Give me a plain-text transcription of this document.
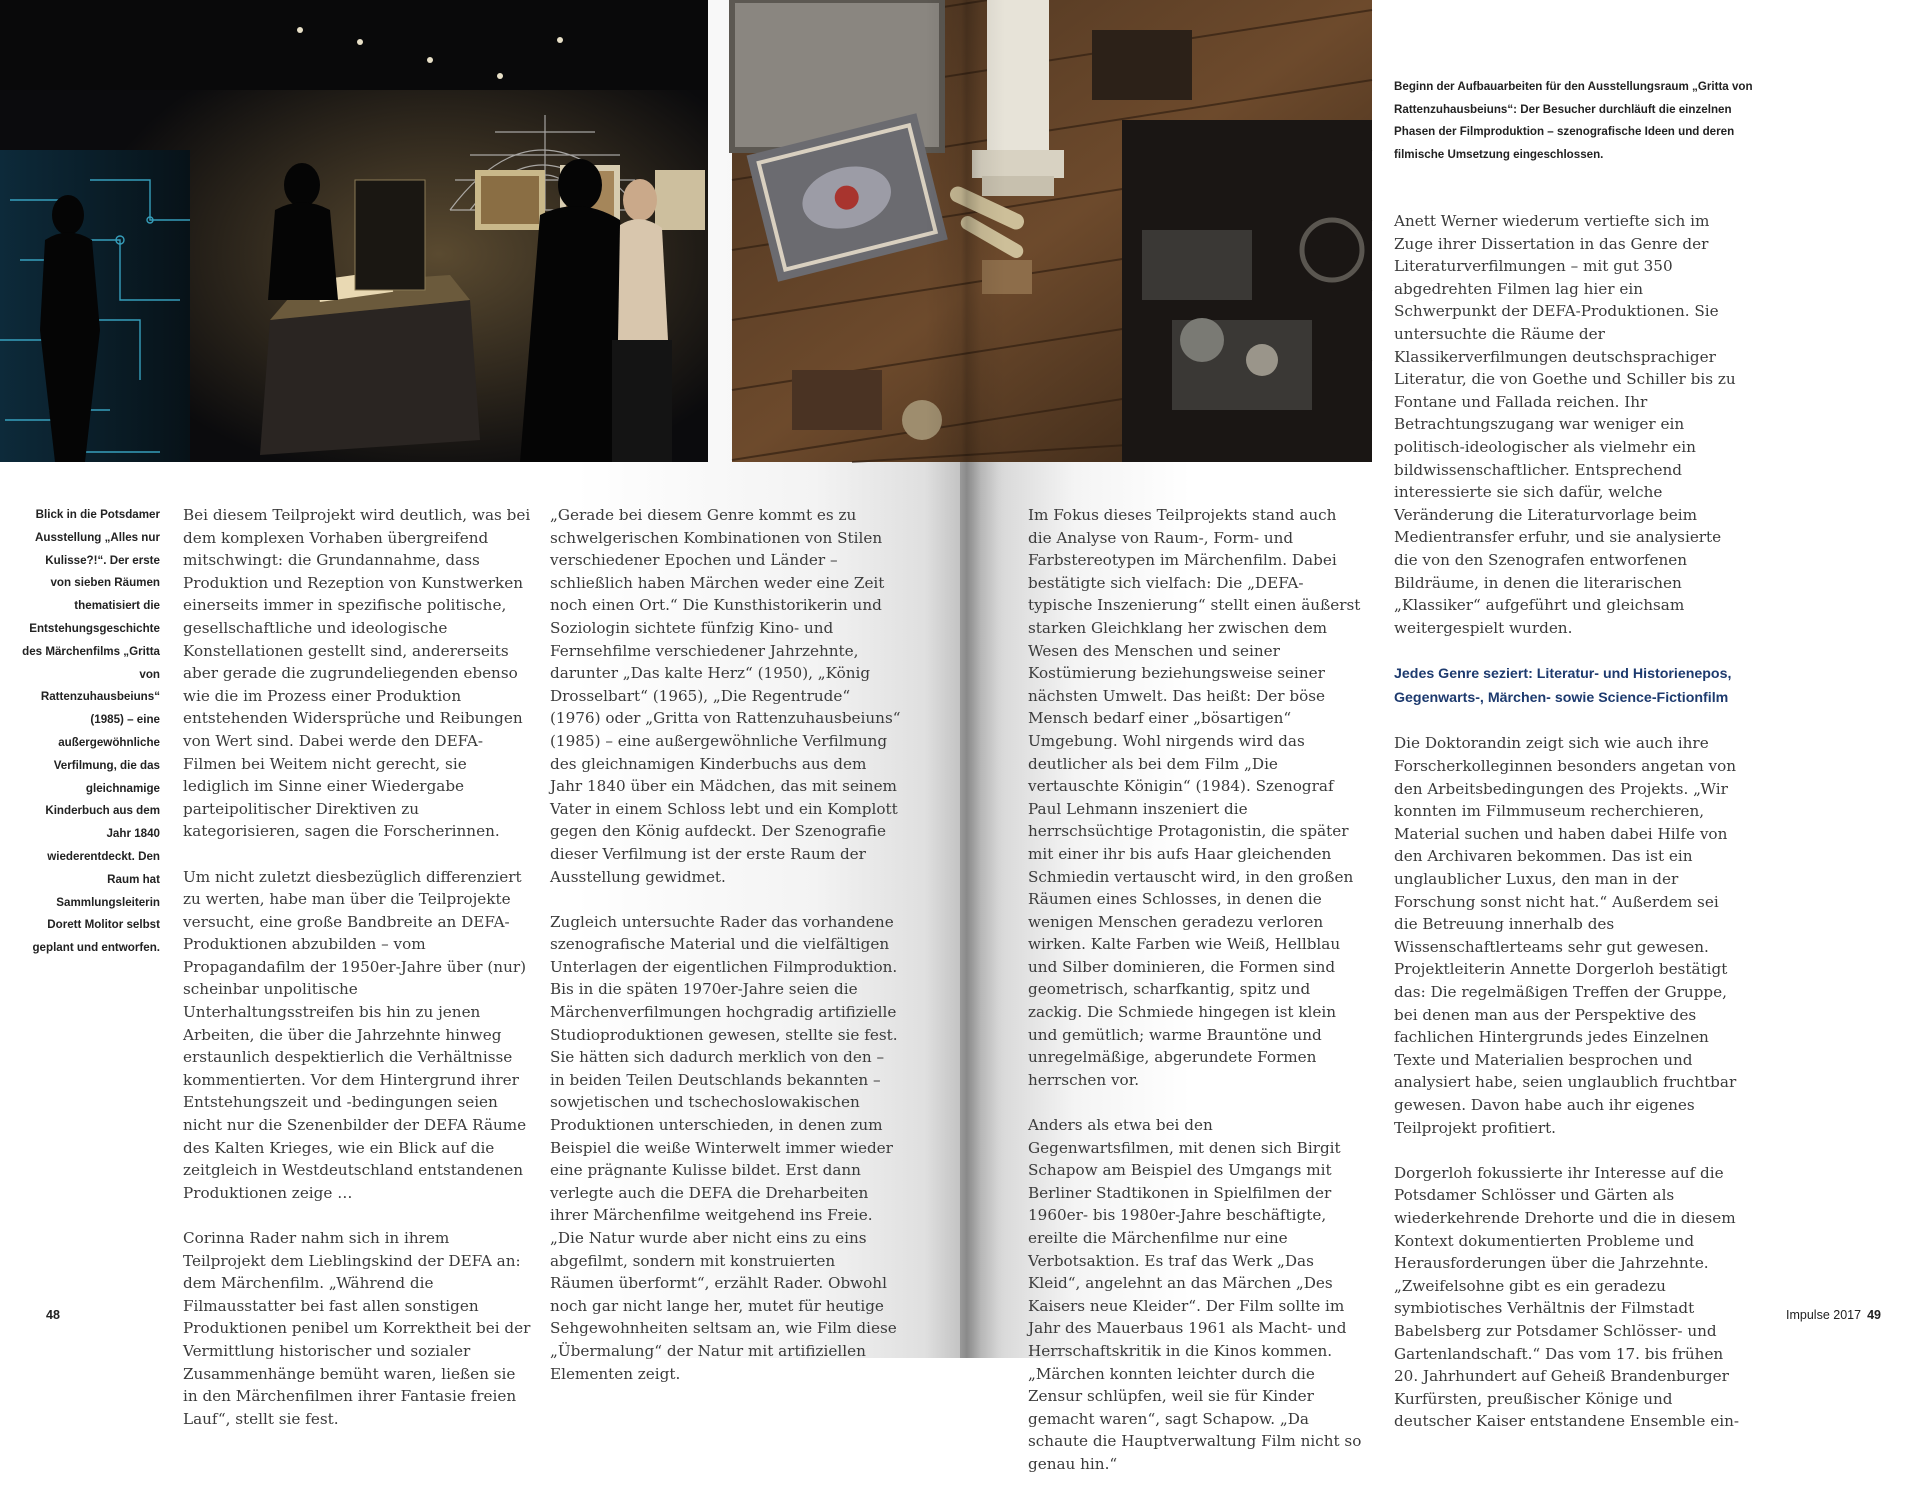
Beginn der Aufbauarbeiten für den Ausstellungsraum „Gritta von Rattenzuhausbeiuns“: Der Besucher durchläuft die einzelnen Phasen der Filmproduktion – szenografische Ideen und deren filmische Umsetzung eingeschlossen.
Blick in die Potsdamer Ausstellung „Alles nur Kulisse?!“. Der erste von sieben Räumen thematisiert die Entstehungsgeschichte des Märchenfilms „Gritta von Rattenzuhausbeiuns“ (1985) – eine außergewöhnliche Verfilmung, die das gleichnamige Kinderbuch aus dem Jahr 1840 wiederentdeckt. Den Raum hat Sammlungsleiterin Dorett Molitor selbst geplant und entworfen.

Bei diesem Teilprojekt wird deutlich, was bei dem komplexen Vorhaben übergreifend mitschwingt: die Grundannahme, dass Produktion und Rezeption von Kunstwerken einerseits immer in spezifische politische, gesellschaftliche und ideologische Konstellationen gestellt sind, andererseits aber gerade die zugrundeliegenden ebenso wie die im Prozess einer Produktion entstehenden Widersprüche und Reibungen von Wert sind. Dabei werde den DEFA-Filmen bei Weitem nicht gerecht, sie lediglich im Sinne einer Wiedergabe parteipolitischer Direktiven zu kategorisieren, sagen die Forscherinnen.

Um nicht zuletzt diesbezüglich differenziert zu werten, habe man über die Teilprojekte versucht, eine große Bandbreite an DEFA-Produktionen abzubilden – vom Propagandafilm der 1950er-Jahre über (nur) scheinbar unpolitische Unterhaltungsstreifen bis hin zu jenen Arbeiten, die über die Jahrzehnte hinweg erstaunlich despektierlich die Verhältnisse kommentierten. Vor dem Hintergrund ihrer Entstehungszeit und -bedingungen seien nicht nur die Szenenbilder der DEFA Räume des Kalten Krieges, wie ein Blick auf die zeitgleich in Westdeutschland entstandenen Produktionen zeige …

Corinna Rader nahm sich in ihrem Teilprojekt dem Lieblingskind der DEFA an: dem Märchenfilm. „Während die Filmausstatter bei fast allen sonstigen Produktionen penibel um Korrektheit bei der Vermittlung historischer und sozialer Zusammenhänge bemüht waren, ließen sie in den Märchenfilmen ihrer Fantasie freien Lauf“, stellt sie fest.

„Gerade bei diesem Genre kommt es zu schwelgerischen Kombinationen von Stilen verschiedener Epochen und Länder – schließlich haben Märchen weder eine Zeit noch einen Ort.“ Die Kunsthistorikerin und Soziologin sichtete fünfzig Kino- und Fernsehfilme verschiedener Jahrzehnte, darunter „Das kalte Herz“ (1950), „König Drosselbart“ (1965), „Die Regentrude“ (1976) oder „Gritta von Rattenzuhausbeiuns“ (1985) – eine außergewöhnliche Verfilmung des gleichnamigen Kinderbuchs aus dem Jahr 1840 über ein Mädchen, das mit seinem Vater in einem Schloss lebt und ein Komplott gegen den König aufdeckt. Der Szenografie dieser Verfilmung ist der erste Raum der Ausstellung gewidmet.

Zugleich untersuchte Rader das vorhandene szenografische Material und die vielfältigen Unterlagen der eigentlichen Filmproduktion. Bis in die späten 1970er-Jahre seien die Märchenverfilmungen hochgradig artifizielle Studioproduktionen gewesen, stellte sie fest. Sie hätten sich dadurch merklich von den – in beiden Teilen Deutschlands bekannten – sowjetischen und tschechoslowakischen Produktionen unterschieden, in denen zum Beispiel die weiße Winterwelt immer wieder eine prägnante Kulisse bildet. Erst dann verlegte auch die DEFA die Dreharbeiten ihrer Märchenfilme weitgehend ins Freie. „Die Natur wurde aber nicht eins zu eins abgefilmt, sondern mit konstruierten Räumen überformt“, erzählt Rader. Obwohl noch gar nicht lange her, mutet für heutige Sehgewohnheiten seltsam an, wie Film diese „Übermalung“ der Natur mit artifiziellen Elementen zeigt.

Im Fokus dieses Teilprojekts stand auch die Analyse von Raum-, Form- und Farbstereotypen im Märchenfilm. Dabei bestätigte sich vielfach: Die „DEFA-typische Inszenierung“ stellt einen äußerst starken Gleichklang her zwischen dem Wesen des Menschen und seiner Kostümierung beziehungsweise seiner nächsten Umwelt. Das heißt: Der böse Mensch bedarf einer „bösartigen“ Umgebung. Wohl nirgends wird das deutlicher als bei dem Film „Die vertauschte Königin“ (1984). Szenograf Paul Lehmann inszeniert die herrschsüchtige Protagonistin, die später mit einer ihr bis aufs Haar gleichenden Schmiedin vertauscht wird, in den großen Räumen eines Schlosses, in denen die wenigen Menschen geradezu verloren wirken. Kalte Farben wie Weiß, Hellblau und Silber dominieren, die Formen sind geometrisch, scharfkantig, spitz und zackig. Die Schmiede hingegen ist klein und gemütlich; warme Brauntöne und unregelmäßige, abgerundete Formen herrschen vor.

Anders als etwa bei den Gegenwartsfilmen, mit denen sich Birgit Schapow am Beispiel des Umgangs mit Berliner Stadtikonen in Spielfilmen der 1960er- bis 1980er-Jahre beschäftigte, ereilte die Märchenfilme nur eine Verbotsaktion. Es traf das Werk „Das Kleid“, angelehnt an das Märchen „Des Kaisers neue Kleider“. Der Film sollte im Jahr des Mauerbaus 1961 als Macht- und Herrschaftskritik in die Kinos kommen. „Märchen konnten leichter durch die Zensur schlüpfen, weil sie für Kinder gemacht waren“, sagt Schapow. „Da schaute die Hauptverwaltung Film nicht so genau hin.“

Anett Werner wiederum vertiefte sich im Zuge ihrer Dissertation in das Genre der Literaturverfilmungen – mit gut 350 abgedrehten Filmen lag hier ein Schwerpunkt der DEFA-Produktionen. Sie untersuchte die Räume der Klassikerverfilmungen deutschsprachiger Literatur, die von Goethe und Schiller bis zu Fontane und Fallada reichen. Ihr Betrachtungszugang war weniger ein politisch-ideologischer als vielmehr ein bildwissenschaftlicher. Entsprechend interessierte sie sich dafür, welche Veränderung die Literaturvorlage beim Medientransfer erfuhr, und sie analysierte die von den Szenografen entworfenen Bildräume, in denen die literarischen „Klassiker“ aufgeführt und gleichsam weitergespielt wurden.

Jedes Genre seziert: Literatur- und Historienepos, Gegenwarts-, Märchen- sowie Science-Fictionfilm

Die Doktorandin zeigt sich wie auch ihre Forscherkolleginnen besonders angetan von den Arbeitsbedingungen des Projekts. „Wir konnten im Filmmuseum recherchieren, Material suchen und haben dabei Hilfe von den Archivaren bekommen. Das ist ein unglaublicher Luxus, den man in der Forschung sonst nicht hat.“ Außerdem sei die Betreuung innerhalb des Wissenschaftlerteams sehr gut gewesen. Projektleiterin Annette Dorgerloh bestätigt das: Die regelmäßigen Treffen der Gruppe, bei denen man aus der Perspektive des fachlichen Hintergrunds jedes Einzelnen Texte und Materialien besprochen und analysiert habe, seien unglaublich fruchtbar gewesen. Davon habe auch ihr eigenes Teilprojekt profitiert.

Dorgerloh fokussierte ihr Interesse auf die Potsdamer Schlösser und Gärten als wiederkehrende Drehorte und die in diesem Kontext dokumentierten Probleme und Herausforderungen über die Jahrzehnte. „Zweifelsohne gibt es ein geradezu symbiotisches Verhältnis der Filmstadt Babelsberg zur Potsdamer Schlösser- und Gartenlandschaft.“ Das vom 17. bis frühen 20. Jahrhundert auf Geheiß Brandenburger Kurfürsten, preußischer Könige und deutscher Kaiser entstandene Ensemble ein-

48	Impulse 2017 49
